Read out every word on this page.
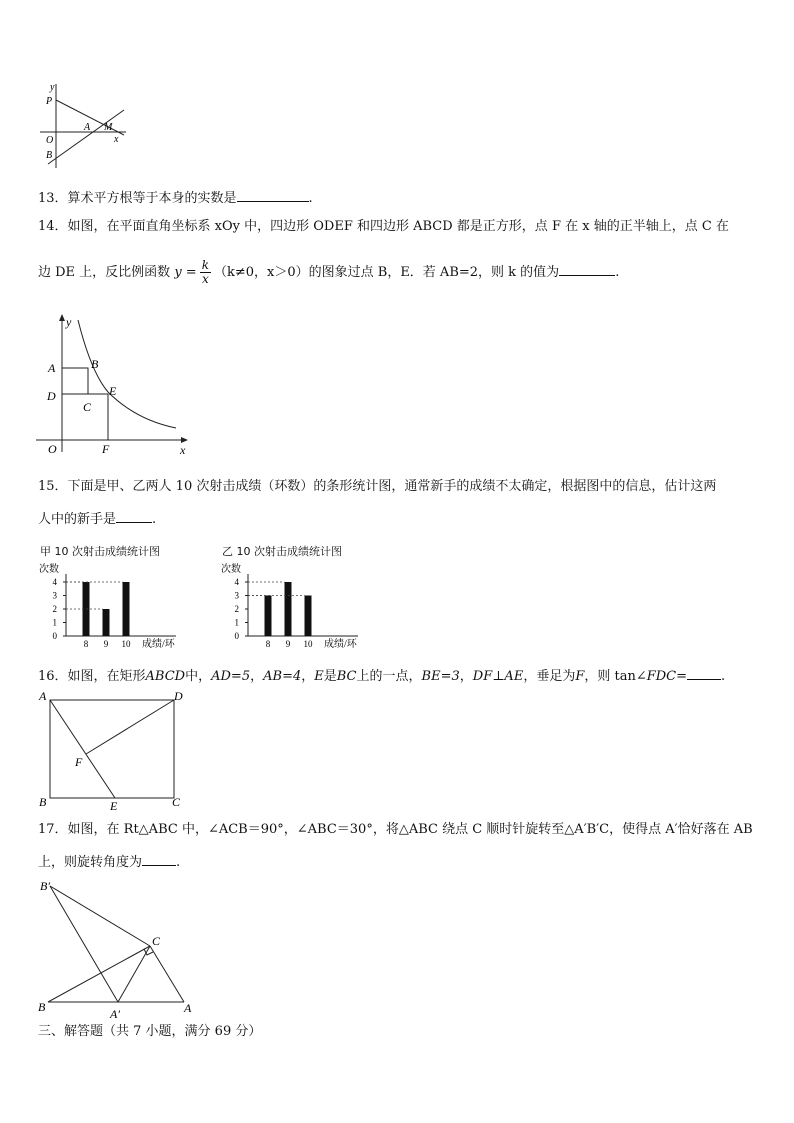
y
P
O
B
A M
x
13．算术平方根等于本身的实数是	.
14．如图，在平面直角坐标系 xOy 中，四边形 ODEF 和四边形 ABCD 都是正方形，点 F 在 x 轴的正半轴上，点 C 在
边 DE 上，反比例函数 $y = \frac{k}{x} (k\ne 0$，x＞0）的图象过点 B，E．若 AB=2，则 k 的值为	.
A	B
D	E
C
O	F	x
y
15．下面是甲、乙两人 10 次射击成绩（环数）的条形统计图，通常新手的成绩不太确定，根据图中的信息，估计这两
人中的新手是	.
甲 10 次射击成绩统计图	乙 10 次射击成绩统计图
0
1
2
3
4
次数
8 9 10 成绩/环
0
1
2
3
4
次数
8 9 10 成绩/环
16．如图，在矩形ABCD中，AD=5，AB=4，E是BC上的一点，BE=3，DF⊥AE，垂足为F，则 tan∠FDC=	.
A	D
F
B	E	C
17．如图，在 Rt△ABC 中，∠ACB＝90°，∠ABC＝30°，将△ABC 绕点 C 顺时针旋转至△A′B′C，使得点 A′恰好落在 AB
上，则旋转角度为	.
B′
C
B	A′	A
三、解答题（共 7 小题，满分 69 分）
